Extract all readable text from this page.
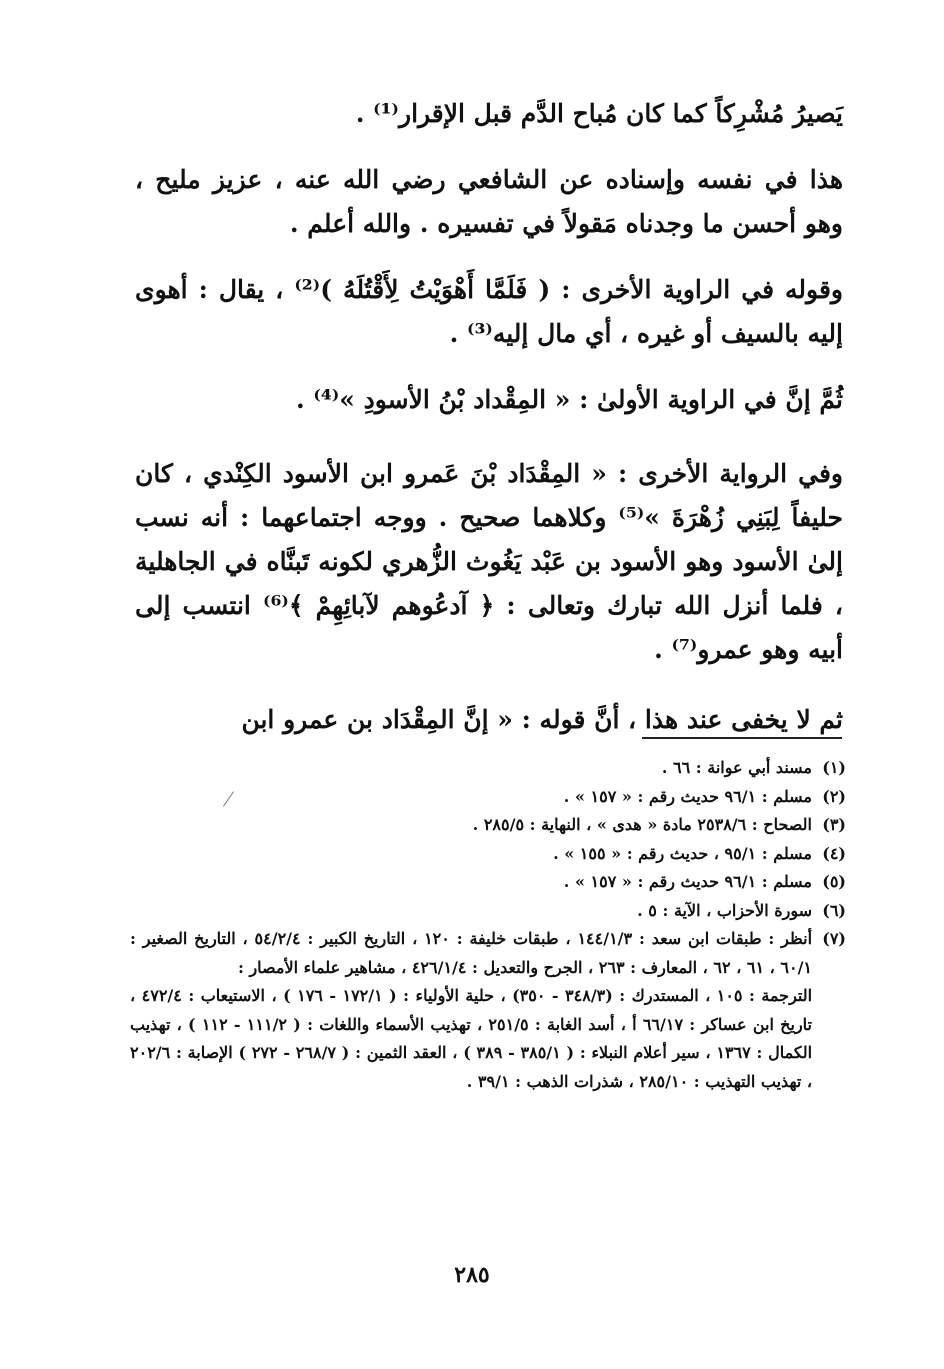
يَصيرُ مُشْرِكاً كما كان مُباح الدَّم قبل الإقرار⁽¹⁾ .

هذا في نفسه وإسناده عن الشافعي رضي الله عنه ، عزيز مليح ، وهو أحسن ما وجدناه مَقولاً في تفسيره . والله أعلم .

وقوله في الراوية الأخرى : ( فَلَمَّا أَهْوَيْتُ لِأَقْتُلَهُ )⁽²⁾ ، يقال : أهوى إليه بالسيف أو غيره ، أي مال إليه⁽³⁾ .

ثُمَّ إنَّ في الراوية الأولىٰ : « المِقْداد بْنُ الأسودِ »⁽⁴⁾ .

وفي الرواية الأخرى : « المِقْدَاد بْنَ عَمرو ابن الأسود الكِنْدي ، كان حليفاً لِبَنِي زُهْرَةَ »⁽⁵⁾ وكلاهما صحيح . ووجه اجتماعهما : أنه نسب إلىٰ الأسود وهو الأسود بن عَبْد يَغُوث الزُّهري لكونه تَبنَّاه في الجاهلية ، فلما أنزل الله تبارك وتعالى : ﴿ آدعُوهم لآبائِهِمْ ﴾⁽⁶⁾ انتسب إلى أبيه وهو عمرو⁽⁷⁾ .

ثم لا يخفى عند هذا ، أنَّ قوله : « إنَّ المِقْدَاد بن عمرو ابن

(١)
مسند أبي عوانة : ٦٦ .
(٢)
مسلم : ٩٦/١ حديث رقم : « ١٥٧ » .
(٣)
الصحاح : ٢٥٣٨/٦ مادة « هدى » ، النهاية : ٢٨٥/٥ .
(٤)
مسلم : ٩٥/١ ، حديث رقم : « ١٥٥ » .
(٥)
مسلم : ٩٦/١ حديث رقم : « ١٥٧ » .
(٦)
سورة الأحزاب ، الآية : ٥ .
(٧)
أنظر : طبقات ابن سعد : ١٤٤/١/٣ ، طبقات خليفة : ١٢٠ ، التاريخ الكبير : ٥٤/٢/٤ ، التاريخ الصغير : ٦٠/١ ، ٦١ ، ٦٢ ، المعارف : ٢٦٣ ، الجرح والتعديل : ٤٢٦/١/٤ ، مشاهير علماء الأمصار :
الترجمة : ١٠٥ ، المستدرك : (٣٤٨/٣ - ٣٥٠) ، حلية الأولياء : ( ١٧٢/١ - ١٧٦ ) ، الاستيعاب : ٤٧٢/٤ ، تاريخ ابن عساكر : ٦٦/١٧ أ ، أسد الغابة : ٢٥١/٥ ، تهذيب الأسماء واللغات : ( ١١١/٢ - ١١٢ ) ، تهذيب الكمال : ١٣٦٧ ، سير أعلام النبلاء : ( ٣٨٥/١ - ٣٨٩ ) ، العقد الثمين : ( ٢٦٨/٧ - ٢٧٢ ) الإصابة : ٢٠٢/٦ ، تهذيب التهذيب : ٢٨٥/١٠ ، شذرات الذهب : ٣٩/١ .
٢٨٥
